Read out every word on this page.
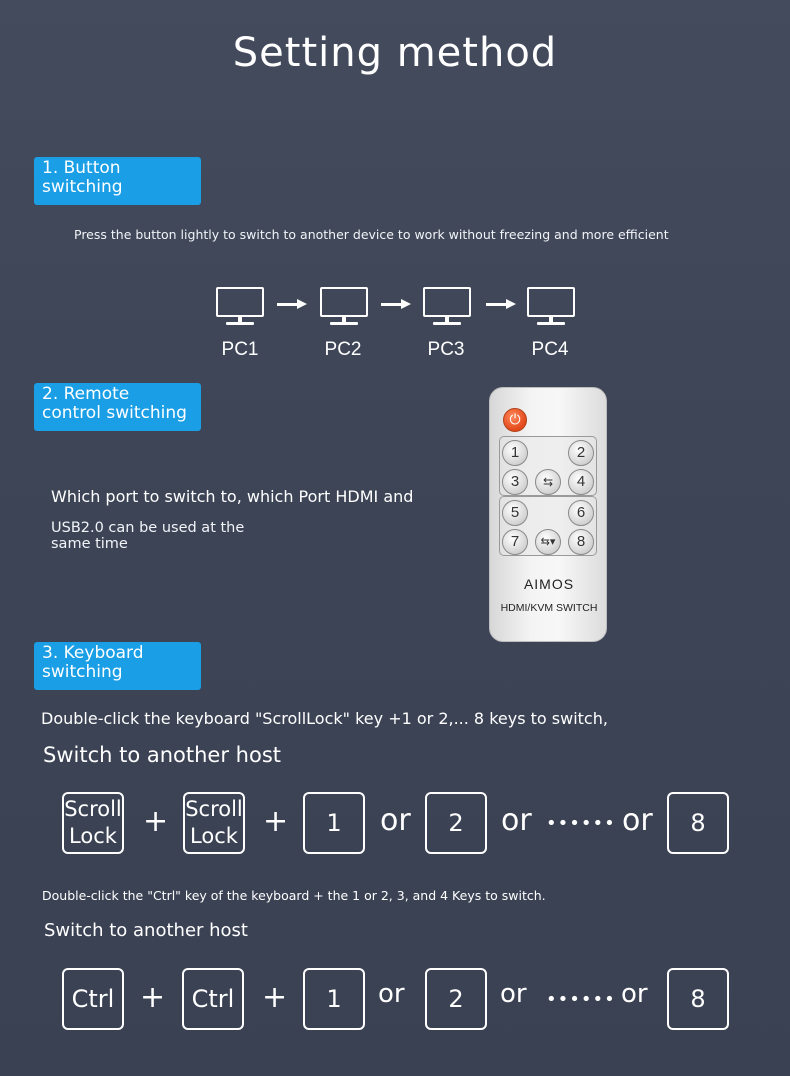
Setting method
1. Button switching
Press the button lightly to switch to another device to work without freezing and more efficient
PC1	PC2	PC3	PC4
2. Remote control switching
Which port to switch to, which Port HDMI and
USB2.0 can be used at the same time
⏻
1	2
3	⇆	4
5	6
7	⇆▾	8
AIMOS
HDMI/KVM SWITCH
3. Keyboard switching
Double-click the keyboard "ScrollLock" key +1 or 2,... 8 keys to switch,
Switch to another host
Scroll Lock + Scroll Lock +	1	or	2	or •••••• or	8
Double-click the "Ctrl" key of the keyboard + the 1 or 2, 3, and 4 Keys to switch.
Switch to another host
Ctrl +	Ctrl +	1	or	2	or •••••• or	8
